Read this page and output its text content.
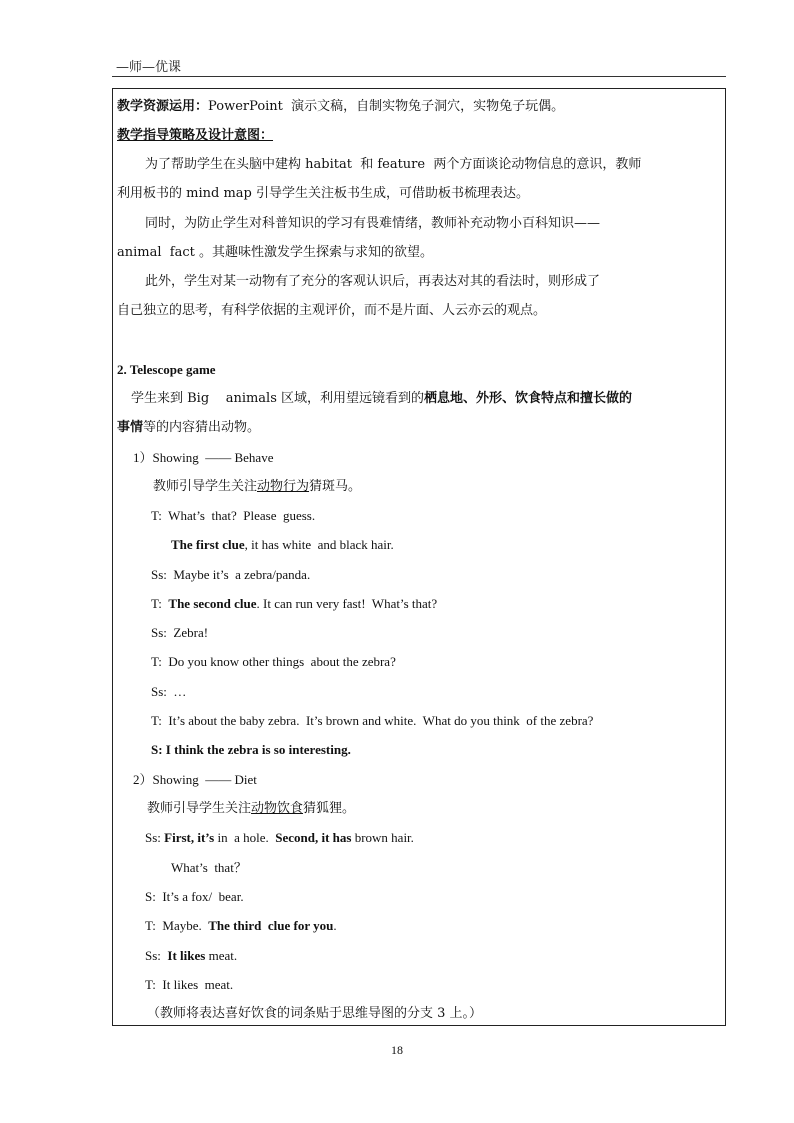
—师—优课
教学资源运用：PowerPoint  演示文稿，自制实物兔子洞穴，实物兔子玩偶。
教学指导策略及设计意图：
为了帮助学生在头脑中建构 habitat  和 feature  两个方面谈论动物信息的意识，教师
利用板书的 mind map 引导学生关注板书生成，可借助板书梳理表达。
同时，为防止学生对科普知识的学习有畏难情绪，教师补充动物小百科知识——
animal  fact 。其趣味性激发学生探索与求知的欲望。
此外，学生对某一动物有了充分的客观认识后，再表达对其的看法时，则形成了
自己独立的思考，有科学依据的主观评价，而不是片面、人云亦云的观点。
2. Telescope game
学生来到 Big    animals 区域，利用望远镜看到的栖息地、外形、饮食特点和擅长做的
事情等的内容猜出动物。
1）Showing  —— Behave
教师引导学生关注动物行为猜斑马。
T:  What’s  that?  Please  guess.
The first clue, it has white  and black hair.
Ss:  Maybe it’s  a zebra/panda.
T:  The second clue. It can run very fast!  What’s that?
Ss:  Zebra!
T:  Do you know other things  about the zebra?
Ss:  …
T:  It’s about the baby zebra.  It’s brown and white.  What do you think  of the zebra?
S: I think the zebra is so interesting.
2）Showing  —— Diet
教师引导学生关注动物饮食猜狐狸。
Ss: First, it’s in  a hole.  Second, it has brown hair.
What’s  that？
S:  It’s a fox/  bear.
T:  Maybe.  The third  clue for you.
Ss:  It likes meat.
T:  It likes  meat.
（教师将表达喜好饮食的词条贴于思维导图的分支 3 上。）
18
